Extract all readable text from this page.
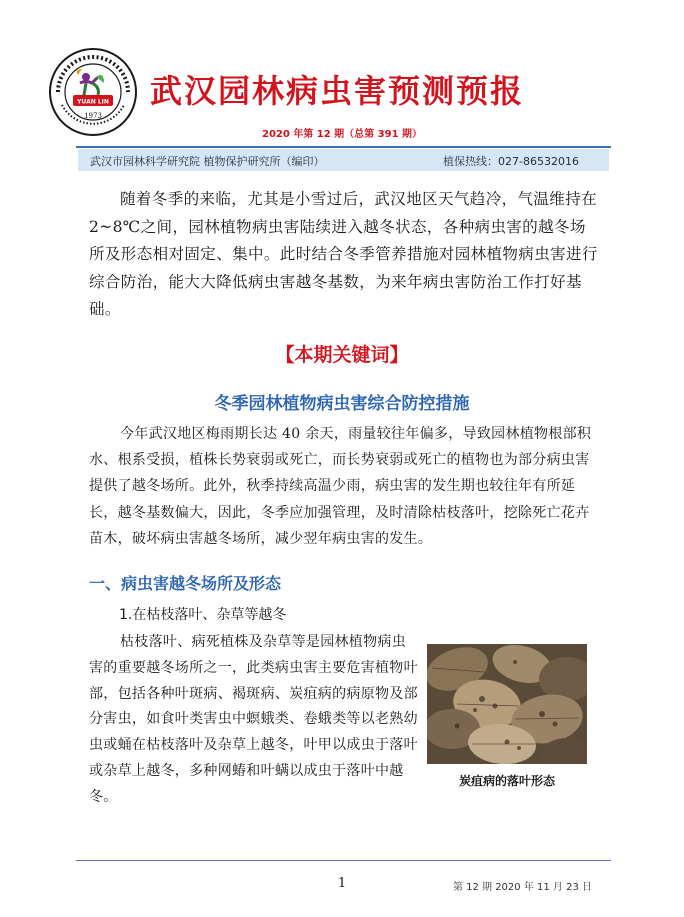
YUAN LIN
1973
武汉园林病虫害预测预报
2020 年第 12 期（总第 391 期）
武汉市园林科学研究院 植物保护研究所（编印）	植保热线：027-86532016
随着冬季的来临，尤其是小雪过后，武汉地区天气趋冷，气温维持在2~8℃之间，园林植物病虫害陆续进入越冬状态，各种病虫害的越冬场所及形态相对固定、集中。此时结合冬季管养措施对园林植物病虫害进行综合防治，能大大降低病虫害越冬基数，为来年病虫害防治工作打好基础。
【本期关键词】
冬季园林植物病虫害综合防控措施
今年武汉地区梅雨期长达 40 余天，雨量较往年偏多，导致园林植物根部积水、根系受损，植株长势衰弱或死亡，而长势衰弱或死亡的植物也为部分病虫害提供了越冬场所。此外，秋季持续高温少雨，病虫害的发生期也较往年有所延长，越冬基数偏大，因此，冬季应加强管理，及时清除枯枝落叶，挖除死亡花卉苗木，破坏病虫害越冬场所，减少翌年病虫害的发生。
一、病虫害越冬场所及形态
1.在枯枝落叶、杂草等越冬
枯枝落叶、病死植株及杂草等是园林植物病虫害的重要越冬场所之一，此类病虫害主要危害植物叶部，包括各种叶斑病、褐斑病、炭疽病的病原物及部分害虫，如食叶类害虫中螟蛾类、卷蛾类等以老熟幼虫或蛹在枯枝落叶及杂草上越冬，叶甲以成虫于落叶或杂草上越冬，多种网蝽和叶螨以成虫于落叶中越冬。
炭疽病的落叶形态
1	第 12 期 2020 年 11 月 23 日
